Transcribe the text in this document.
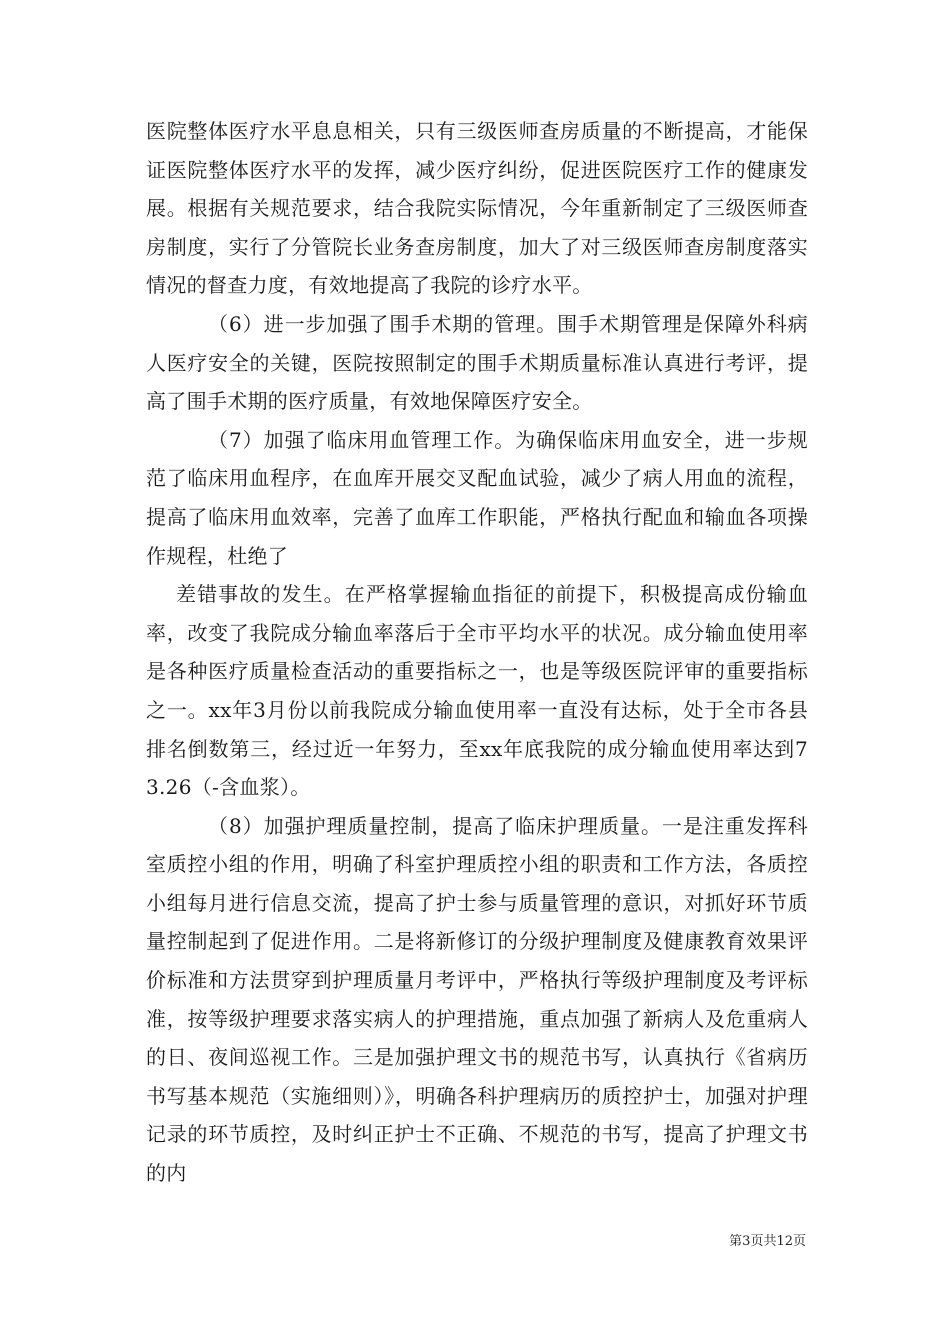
医院整体医疗水平息息相关，只有三级医师查房质量的不断提高，才能保证医院整体医疗水平的发挥，减少医疗纠纷，促进医院医疗工作的健康发展。根据有关规范要求，结合我院实际情况，今年重新制定了三级医师查房制度，实行了分管院长业务查房制度，加大了对三级医师查房制度落实情况的督查力度，有效地提高了我院的诊疗水平。

（6）进一步加强了围手术期的管理。围手术期管理是保障外科病人医疗安全的关键，医院按照制定的围手术期质量标准认真进行考评，提高了围手术期的医疗质量，有效地保障医疗安全。

（7）加强了临床用血管理工作。为确保临床用血安全，进一步规范了临床用血程序，在血库开展交叉配血试验，减少了病人用血的流程，提高了临床用血效率，完善了血库工作职能，严格执行配血和输血各项操作规程，杜绝了

差错事故的发生。在严格掌握输血指征的前提下，积极提高成份输血率，改变了我院成分输血率落后于全市平均水平的状况。成分输血使用率是各种医疗质量检查活动的重要指标之一，也是等级医院评审的重要指标之一。xx年3月份以前我院成分输血使用率一直没有达标，处于全市各县排名倒数第三，经过近一年努力，至xx年底我院的成分输血使用率达到73.26（-含血浆）。

（8）加强护理质量控制，提高了临床护理质量。一是注重发挥科室质控小组的作用，明确了科室护理质控小组的职责和工作方法，各质控小组每月进行信息交流，提高了护士参与质量管理的意识，对抓好环节质量控制起到了促进作用。二是将新修订的分级护理制度及健康教育效果评价标准和方法贯穿到护理质量月考评中，严格执行等级护理制度及考评标准，按等级护理要求落实病人的护理措施，重点加强了新病人及危重病人的日、夜间巡视工作。三是加强护理文书的规范书写，认真执行《省病历书写基本规范（实施细则）》，明确各科护理病历的质控护士，加强对护理记录的环节质控，及时纠正护士不正确、不规范的书写，提高了护理文书的内

第3页共12页
